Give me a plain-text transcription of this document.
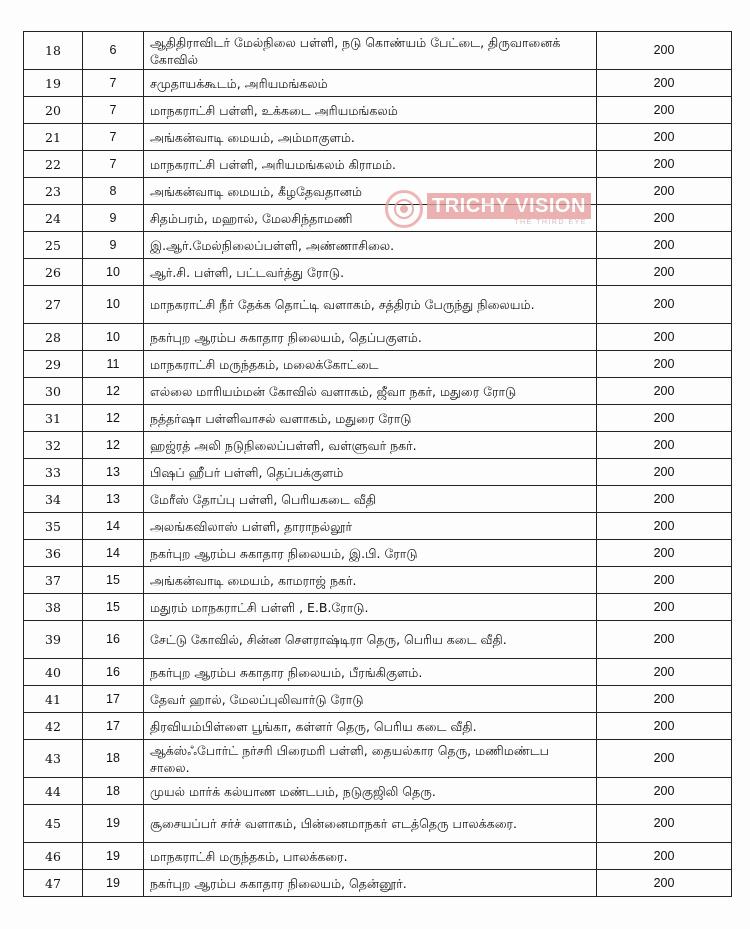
18	6	ஆதிதிராவிடர் மேல்நிலை பள்ளி, நடு கொண்யம் பேட்டை, திருவானைக் கோவில்	200
19	7	சமுதாயக்கூடம், அரியமங்கலம்	200
20	7	மாநகராட்சி பள்ளி, உக்கடை அரியமங்கலம்	200
21	7	அங்கன்வாடி மையம், அம்மாகுளம்.	200
22	7	மாநகராட்சி பள்ளி, அரியமங்கலம் கிராமம்.	200
23	8	அங்கன்வாடி மையம், கீழதேவதானம்	200
24	9	சிதம்பரம், மஹால், மேலசிந்தாமணி	200
25	9	இ.ஆர்.மேல்நிலைப்பள்ளி, அண்ணாசிலை.	200
26	10	ஆர்.சி. பள்ளி, பட்டவர்த்து ரோடு.	200
27	10	மாநகராட்சி நீர் தேக்க தொட்டி வளாகம், சத்திரம் பேருந்து நிலையம்.	200
28	10	நகர்புற ஆரம்ப சுகாதார நிலையம், தெப்பகுளம்.	200
29	11	மாநகராட்சி மருந்தகம், மலைக்கோட்டை	200
30	12	எல்லை மாரியம்மன் கோவில் வளாகம், ஜீவா நகர், மதுரை ரோடு	200
31	12	நத்தர்ஷா பள்ளிவாசல் வளாகம், மதுரை ரோடு	200
32	12	ஹஜ்ரத் அலி நடுநிலைப்பள்ளி, வள்ளுவர் நகர்.	200
33	13	பிஷப் ஹீபர் பள்ளி, தெப்பக்குளம்	200
34	13	மேரீஸ் தோப்பு பள்ளி, பெரியகடை வீதி	200
35	14	அலங்கவிலாஸ் பள்ளி, தாராநல்லூர்	200
36	14	நகர்புற ஆரம்ப சுகாதார நிலையம், இ.பி. ரோடு	200
37	15	அங்கன்வாடி மையம், காமராஜ் நகர்.	200
38	15	மதுரம் மாநகராட்சி பள்ளி , E.B.ரோடு.	200
39	16	சேட்டு கோவில், சின்ன சௌராஷ்டிரா தெரு, பெரிய கடை வீதி.	200
40	16	நகர்புற ஆரம்ப சுகாதார நிலையம், பீரங்கிகுளம்.	200
41	17	தேவர் ஹால், மேலப்புலிவார்டு ரோடு	200
42	17	திரவியம்பிள்ளை பூங்கா, கள்ளர் தெரு, பெரிய கடை வீதி.	200
43	18	ஆக்ஸ்ஃபோர்ட் நர்சரி பிரைமரி பள்ளி, தையல்கார தெரு, மணிமண்டப சாலை.	200
44	18	முயல் மார்க் கல்யாண மண்டபம், நடுகுஜிலி தெரு.	200
45	19	சூசையப்பர் சர்ச் வளாகம், பின்னைமாநகர் எடத்தெரு பாலக்கரை.	200
46	19	மாநகராட்சி மருந்தகம், பாலக்கரை.	200
47	19	நகர்புற ஆரம்ப சுகாதார நிலையம், தென்னூர்.	200
TRICHY VISION
THE THIRD EYE
